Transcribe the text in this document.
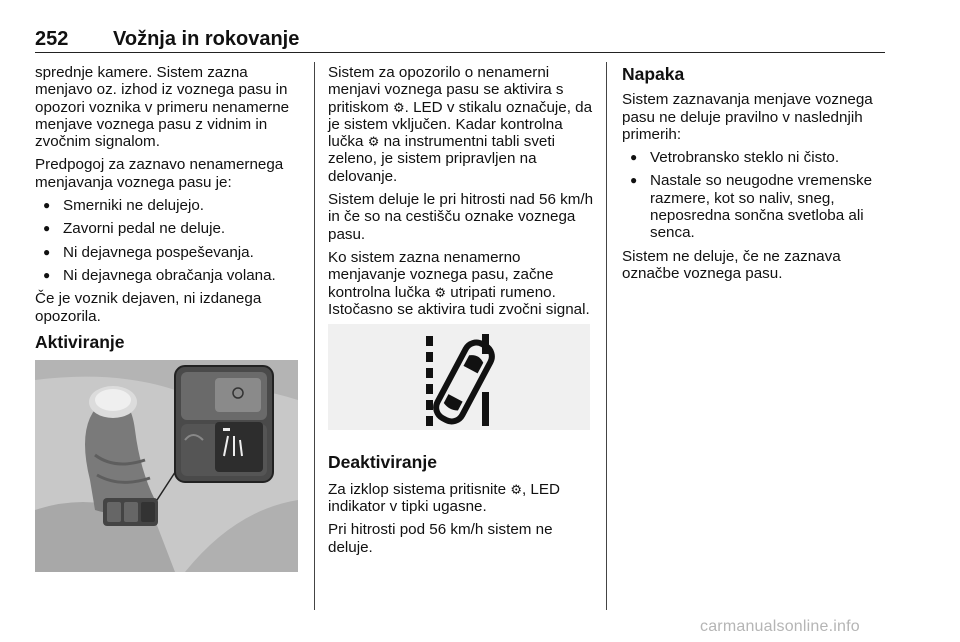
252 Vožnja in rokovanje

sprednje kamere. Sistem zazna menjavo oz. izhod iz voznega pasu in opozori voznika v primeru nenamerne menjave voznega pasu z vidnim in zvočnim signalom.

Predpogoj za zaznavo nenamernega menjavanja voznega pasu je:

● Smerniki ne delujejo.
● Zavorni pedal ne deluje.
● Ni dejavnega pospeševanja.
● Ni dejavnega obračanja volana.

Če je voznik dejaven, ni izdanega opozorila.

Aktiviranje

Sistem za opozorilo o nenamerni menjavi voznega pasu se aktivira s pritiskom ⚙︎. LED v stikalu označuje, da je sistem vključen. Kadar kontrolna lučka ⚙︎ na instrumentni tabli sveti zeleno, je sistem pripravljen na delovanje.

Sistem deluje le pri hitrosti nad 56 km/h in če so na cestišču oznake voznega pasu.

Ko sistem zazna nenamerno menjavanje voznega pasu, začne kontrolna lučka ⚙︎ utripati rumeno. Istočasno se aktivira tudi zvočni signal.

Deaktiviranje

Za izklop sistema pritisnite ⚙︎, LED indikator v tipki ugasne.

Pri hitrosti pod 56 km/h sistem ne deluje.

Napaka

Sistem zaznavanja menjave voznega pasu ne deluje pravilno v naslednjih primerih:

● Vetrobransko steklo ni čisto.
● Nastale so neugodne vremenske razmere, kot so naliv, sneg, neposredna sončna svetloba ali senca.

Sistem ne deluje, če ne zaznava označbe voznega pasu.

carmanualsonline.info
